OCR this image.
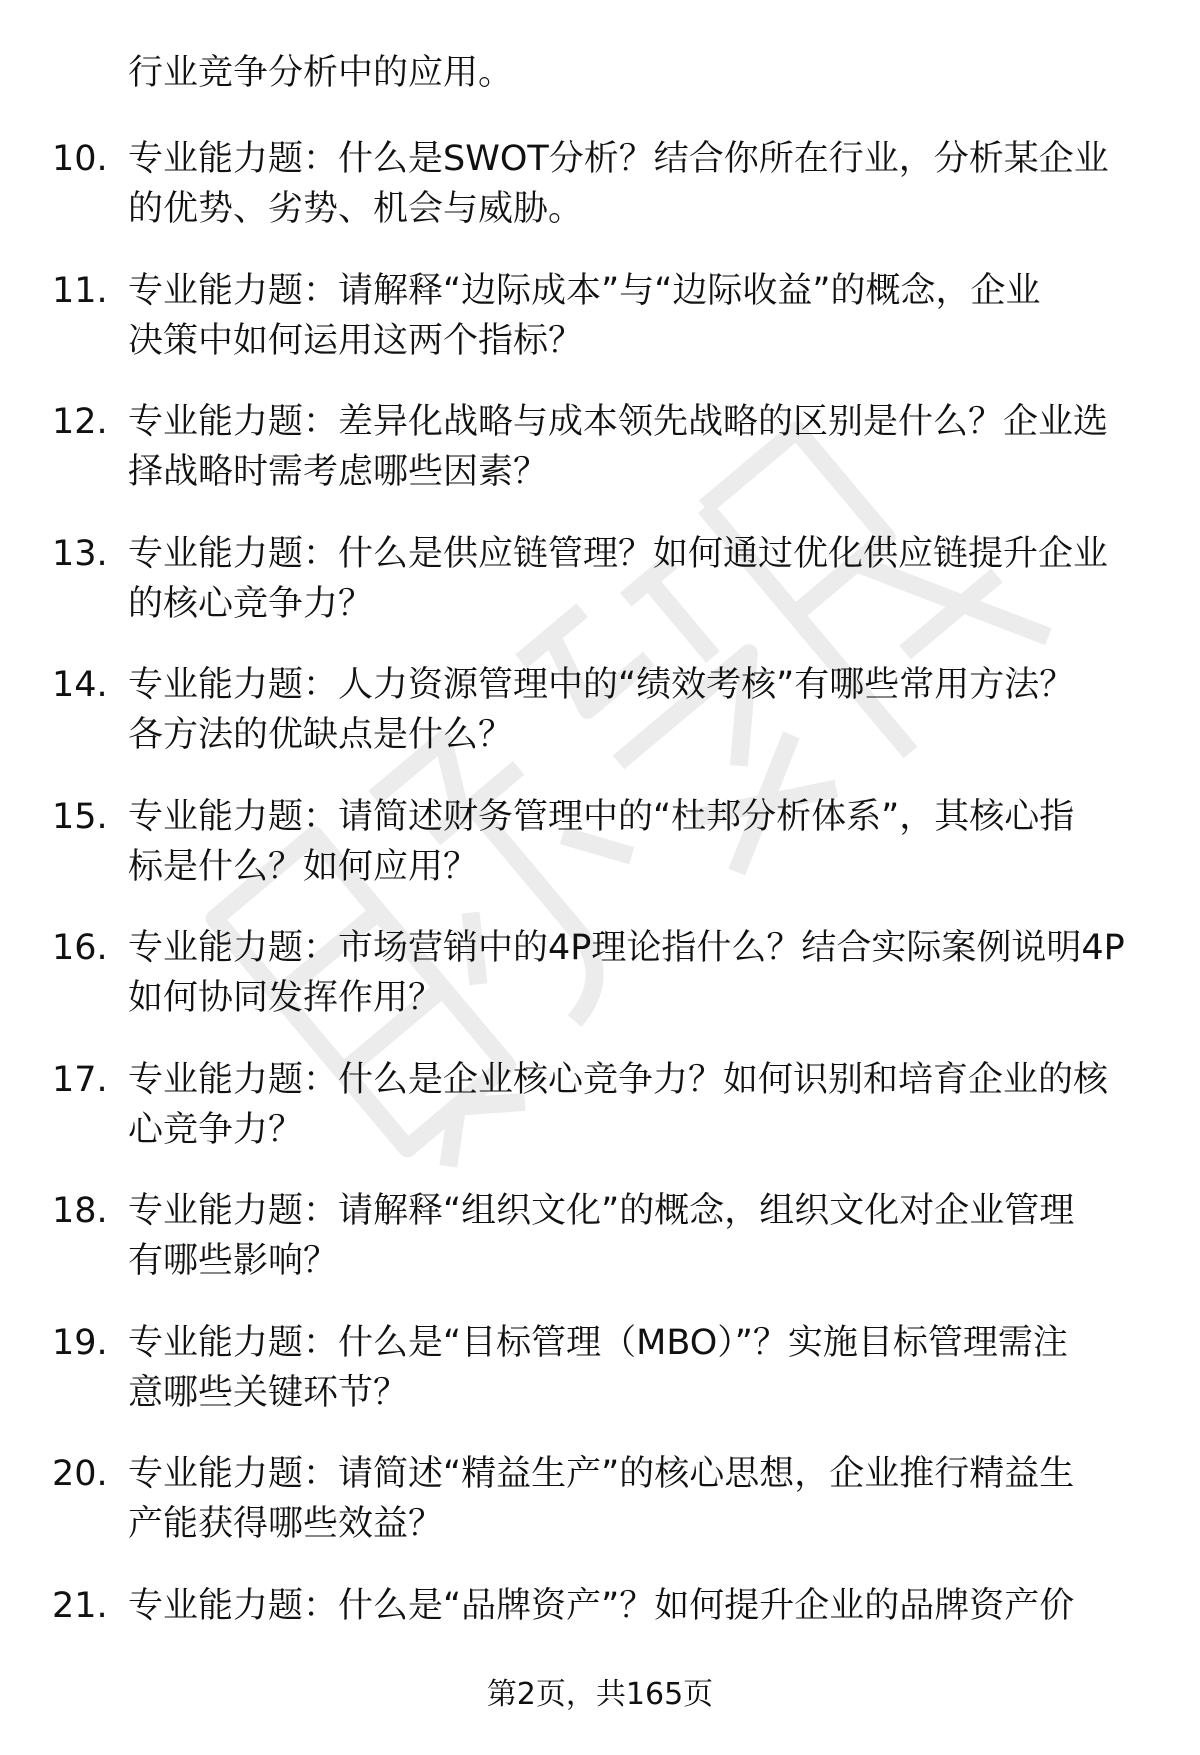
行业竞争分析中的应用。
10. 专业能力题：什么是SWOT分析？结合你所在行业，分析某企业
的优势、劣势、机会与威胁。
11. 专业能力题：请解释“边际成本”与“边际收益”的概念，企业
决策中如何运用这两个指标？
12. 专业能力题：差异化战略与成本领先战略的区别是什么？企业选
择战略时需考虑哪些因素？
13. 专业能力题：什么是供应链管理？如何通过优化供应链提升企业
的核心竞争力？
14. 专业能力题：人力资源管理中的“绩效考核”有哪些常用方法？
各方法的优缺点是什么？
15. 专业能力题：请简述财务管理中的“杜邦分析体系”，其核心指
标是什么？如何应用？
16. 专业能力题：市场营销中的4P理论指什么？结合实际案例说明4P
如何协同发挥作用？
17. 专业能力题：什么是企业核心竞争力？如何识别和培育企业的核
心竞争力？
18. 专业能力题：请解释“组织文化”的概念，组织文化对企业管理
有哪些影响？
19. 专业能力题：什么是“目标管理（MBO）”？实施目标管理需注
意哪些关键环节？
20. 专业能力题：请简述“精益生产”的核心思想，企业推行精益生
产能获得哪些效益？
21. 专业能力题：什么是“品牌资产”？如何提升企业的品牌资产价
第2页，共165页
